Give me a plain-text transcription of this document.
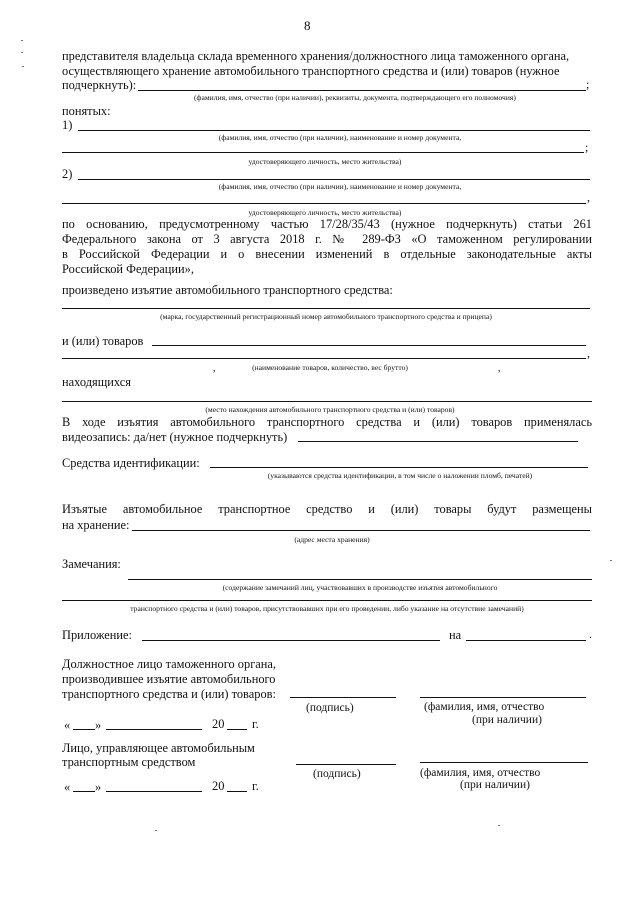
8
представителя владельца склада временного хранения/должностного лица таможенного органа,
осуществляющего хранение автомобильного транспортного средства и (или) товаров (нужное
подчеркнуть):	;
(фамилия, имя, отчество (при наличии), реквизиты, документа, подтверждающего его полномочия)
понятых:
1)
(фамилия, имя, отчество (при наличии), наименование и номер документа,
;
удостоверяющего личность, место жительства)
2)
(фамилия, имя, отчество (при наличии), наименование и номер документа,
,
удостоверяющего личность, место жительства)
по основанию, предусмотренному частью 17/28/35/43 (нужное подчеркнуть) статьи 261
Федерального закона от 3 августа 2018 г. № 289-ФЗ «О таможенном регулировании
в Российской Федерации и о внесении изменений в отдельные законодательные акты
Российской Федерации»,
произведено изъятие автомобильного транспортного средства:
(марка, государственный регистрационный номер автомобильного транспортного средства и прицепа)
и (или) товаров
,
,	(наименование товаров, количество, вес брутто)	,
находящихся
(место нахождения автомобильного транспортного средства и (или) товаров)
В ходе изъятия автомобильного транспортного средства и (или) товаров применялась
видеозапись: да/нет (нужное подчеркнуть)
Средства идентификации:
(указываются средства идентификации, в том числе о наложении пломб, печатей)
Изъятые автомобильное транспортное средство и (или) товары будут размещены
на хранение:
(адрес места хранения)
Замечания:
(содержание замечаний лиц, участвовавших в производстве изъятия автомобильного
транспортного средства и (или) товаров, присутствовавших при его проведении, либо указание на отсутствие замечаний)
Приложение:	на	.
Должностное лицо таможенного органа,
производившее изъятие автомобильного
транспортного средства и (или) товаров:
(подпись)	(фамилия, имя, отчество
(при наличии)
« »	20 г.
Лицо, управляющее автомобильным
транспортным средством
(подпись)	(фамилия, имя, отчество
(при наличии)
« »	20 г.
